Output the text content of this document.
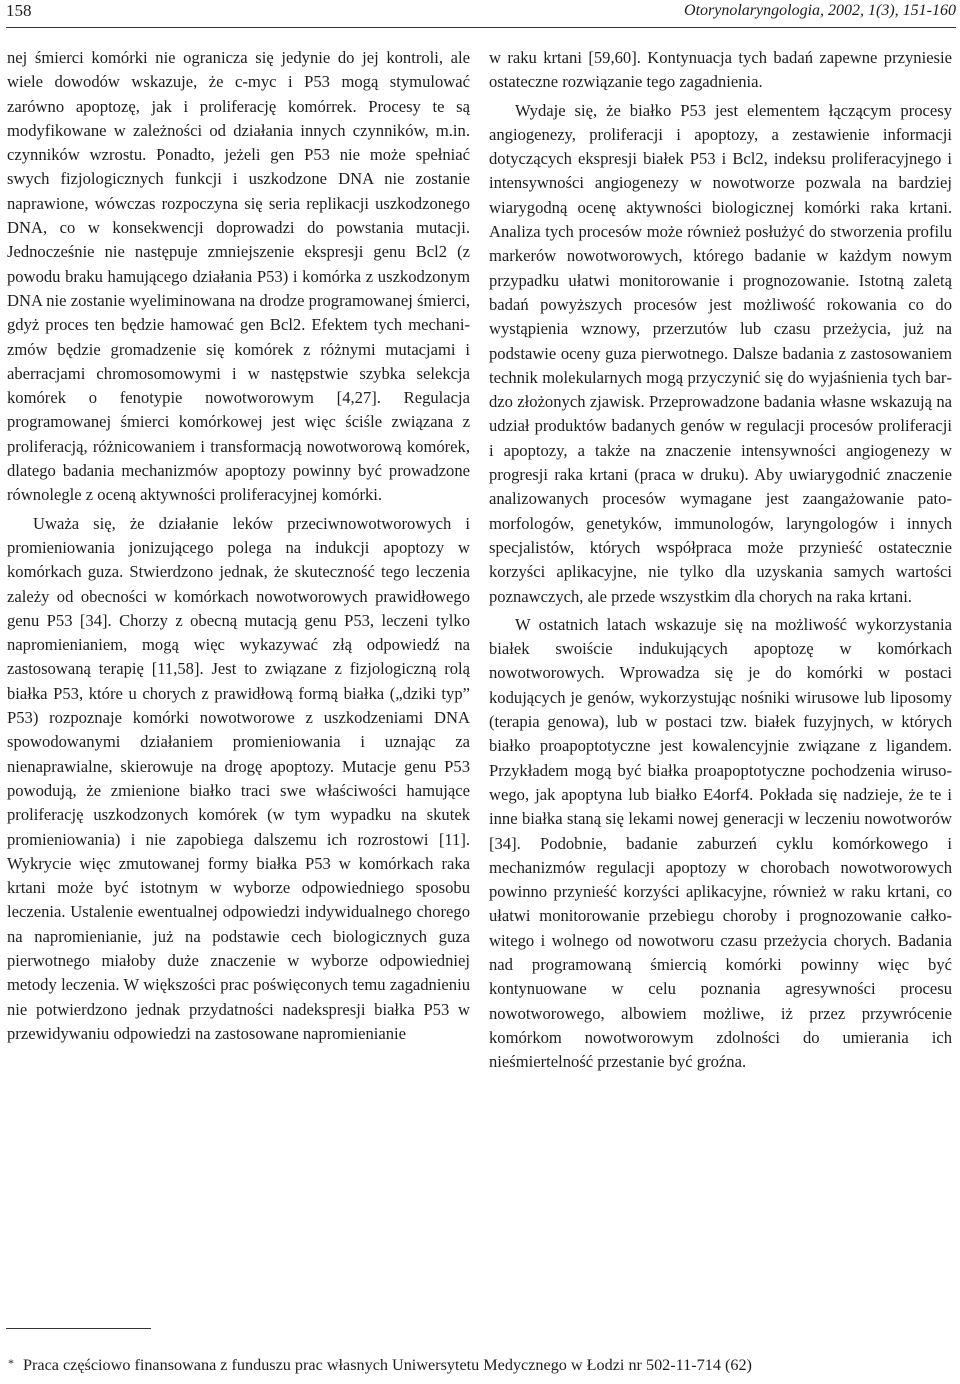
158	Otorynolaryngologia, 2002, 1(3), 151-160

nej śmierci komórki nie ogranicza się jedynie do jej kontroli, ale wiele dowodów wskazuje, że c-myc i P53 mogą stymulować zarówno apoptozę, jak i proliferację komórrek. Procesy te są modyfikowane w zależności od działania innych czynników, m.in. czynników wzrostu. Ponadto, jeżeli gen P53 nie może spełniać swych fizjologicznych funkcji i uszkodzone DNA nie zostanie naprawione, wówczas rozpoczyna się seria replikacji uszkodzonego DNA, co w konsekwencji doprowadzi do powstania mutacji. Jednocześnie nie następuje zmniejszenie ekspresji genu Bcl2 (z powodu braku hamującego działania P53) i komórka z uszkodzonym DNA nie zostanie wyeliminowana na drodze programowanej śmierci, gdyż proces ten będzie hamować gen Bcl2. Efektem tych mechanizmów będzie gromadzenie się komórek z różnymi mutacjami i aberracjami chromosomowymi i w następstwie szybka selekcja komórek o fenotypie nowotworowym [4,27]. Regulacja programowanej śmierci komórkowej jest więc ściśle związana z proliferacją, różnicowaniem i transformacją nowotworową komórek, dlatego badania mechanizmów apoptozy powinny być prowadzone równolegle z oceną aktywności proliferacyjnej komórki.

Uważa się, że działanie leków przeciwnowotworowych i promieniowania jonizującego polega na indukcji apoptozy w komórkach guza. Stwierdzono jednak, że skuteczność tego leczenia zależy od obecności w komórkach nowotworowych prawidłowego genu P53 [34]. Chorzy z obecną mutacją genu P53, leczeni tylko napromienianiem, mogą więc wykazywać złą odpowiedź na zastosowaną terapię [11,58]. Jest to związane z fizjologiczną rolą białka P53, które u chorych z prawidłową formą białka („dziki typ” P53) rozpoznaje komórki nowotworowe z uszkodzeniami DNA spowodowanymi działaniem promieniowania i uznając za nienaprawialne, skierowuje na drogę apoptozy. Mutacje genu P53 powodują, że zmienione białko traci swe właściwości hamujące proliferację uszkodzonych komórek (w tym wypadku na skutek promieniowania) i nie zapobiega dalszemu ich rozrostowi [11]. Wykrycie więc zmutowanej formy białka P53 w komórkach raka krtani może być istotnym w wyborze odpowiedniego sposobu leczenia. Ustalenie ewentualnej odpowiedzi indywidualnego chorego na napromienianie, już na podstawie cech biologicznych guza pierwotnego miałoby duże znaczenie w wyborze odpowiedniej metody leczenia. W większości prac poświęconych temu zagadnieniu nie potwierdzono jednak przydatności nadekspresji białka P53 w przewidywaniu odpowiedzi na zastosowane napromienianie

w raku krtani [59,60]. Kontynuacja tych badań zapewne przyniesie ostateczne rozwiązanie tego zagadnienia.

Wydaje się, że białko P53 jest elementem łączącym procesy angiogenezy, proliferacji i apoptozy, a zestawienie informacji dotyczących ekspresji białek P53 i Bcl2, indeksu proliferacyjnego i intensywności angiogenezy w nowotworze pozwala na bardziej wiarygodną ocenę aktywności biologicznej komórki raka krtani. Analiza tych procesów może również posłużyć do stworzenia profilu markerów nowotworowych, którego badanie w każdym nowym przypadku ułatwi monitorowanie i prognozowanie. Istotną zaletą badań powyższych procesów jest możliwość rokowania co do wystąpienia wznowy, przerzutów lub czasu przeżycia, już na podstawie oceny guza pierwotnego. Dalsze badania z zastosowaniem technik molekularnych mogą przyczynić się do wyjaśnienia tych bardzo złożonych zjawisk. Przeprowadzone badania własne wskazują na udział produktów badanych genów w regulacji procesów proliferacji i apoptozy, a także na znaczenie intensywności angiogenezy w progresji raka krtani (praca w druku). Aby uwiarygodnić znaczenie analizowanych procesów wymagane jest zaangażowanie patomorfologów, genetyków, immunologów, laryngologów i innych specjalistów, których współpraca może przynieść ostatecznie korzyści aplikacyjne, nie tylko dla uzyskania samych wartości poznawczych, ale przede wszystkim dla chorych na raka krtani.

W ostatnich latach wskazuje się na możliwość wykorzystania białek swoiście indukujących apoptozę w komórkach nowotworowych. Wprowadza się je do komórki w postaci kodujących je genów, wykorzystując nośniki wirusowe lub liposomy (terapia genowa), lub w postaci tzw. białek fuzyjnych, w których białko proapoptotyczne jest kowalencyjnie związane z ligandem. Przykładem mogą być białka proapoptotyczne pochodzenia wirusowego, jak apoptyna lub białko E4orf4. Pokłada się nadzieje, że te i inne białka staną się lekami nowej generacji w leczeniu nowotworów [34]. Podobnie, badanie zaburzeń cyklu komórkowego i mechanizmów regulacji apoptozy w chorobach nowotworowych powinno przynieść korzyści aplikacyjne, również w raku krtani, co ułatwi monitorowanie przebiegu choroby i prognozowanie całkowitego i wolnego od nowotworu czasu przeżycia chorych. Badania nad programowaną śmiercią komórki powinny więc być kontynuowane w celu poznania agresywności procesu nowotworowego, albowiem możliwe, iż przez przywrócenie komórkom nowotworowym zdolności do umierania ich nieśmiertelność przestanie być groźna.

* Praca częściowo finansowana z funduszu prac własnych Uniwersytetu Medycznego w Łodzi nr 502-11-714 (62)
